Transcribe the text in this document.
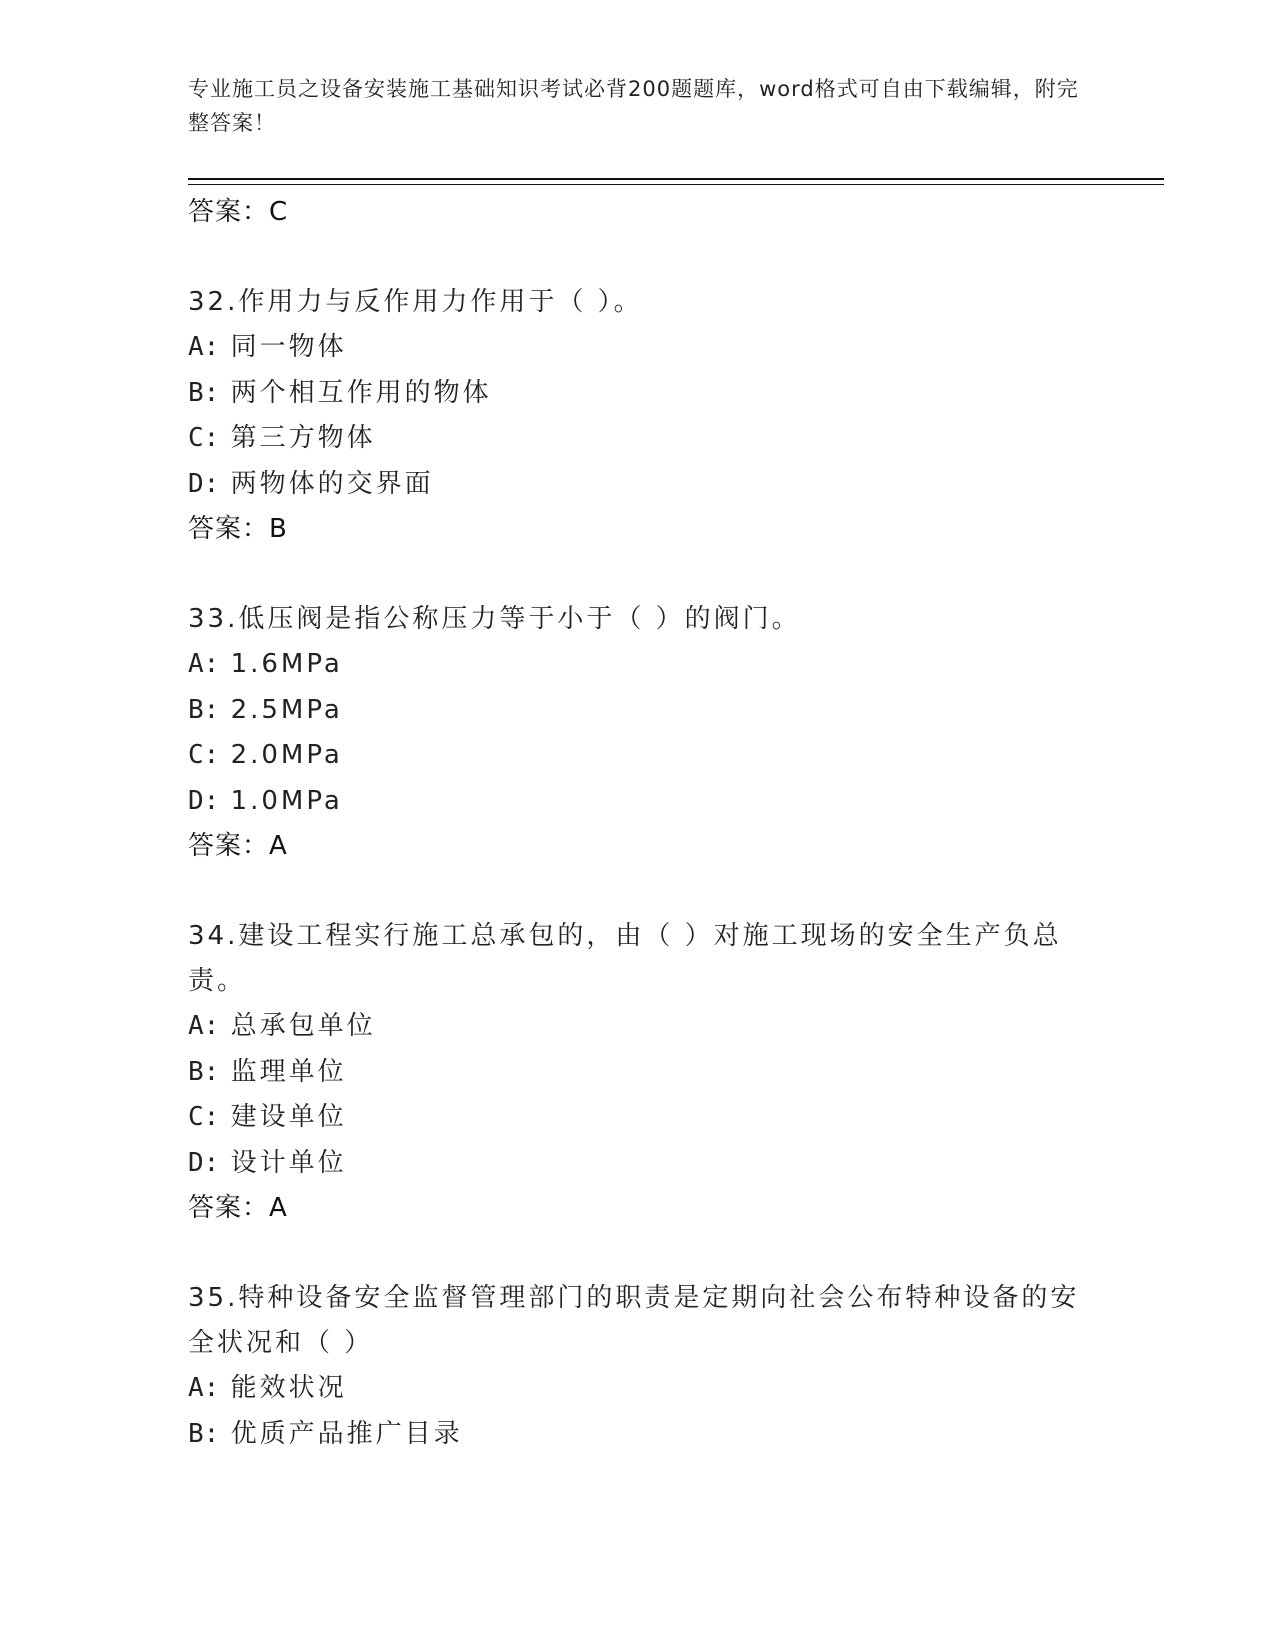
专业施工员之设备安装施工基础知识考试必背200题题库，word格式可自由下载编辑，附完整答案！
答案：C

32.作用力与反作用力作用于（ ）。

A: 同一物体
B: 两个相互作用的物体
C: 第三方物体
D: 两物体的交界面
答案：B

33.低压阀是指公称压力等于小于（ ）的阀门。

A: 1.6MPa
B: 2.5MPa
C: 2.0MPa
D: 1.0MPa
答案：A

34.建设工程实行施工总承包的，由（ ）对施工现场的安全生产负总责。

A: 总承包单位
B: 监理单位
C: 建设单位
D: 设计单位
答案：A

35.特种设备安全监督管理部门的职责是定期向社会公布特种设备的安全状况和（ ）

A: 能效状况
B: 优质产品推广目录
